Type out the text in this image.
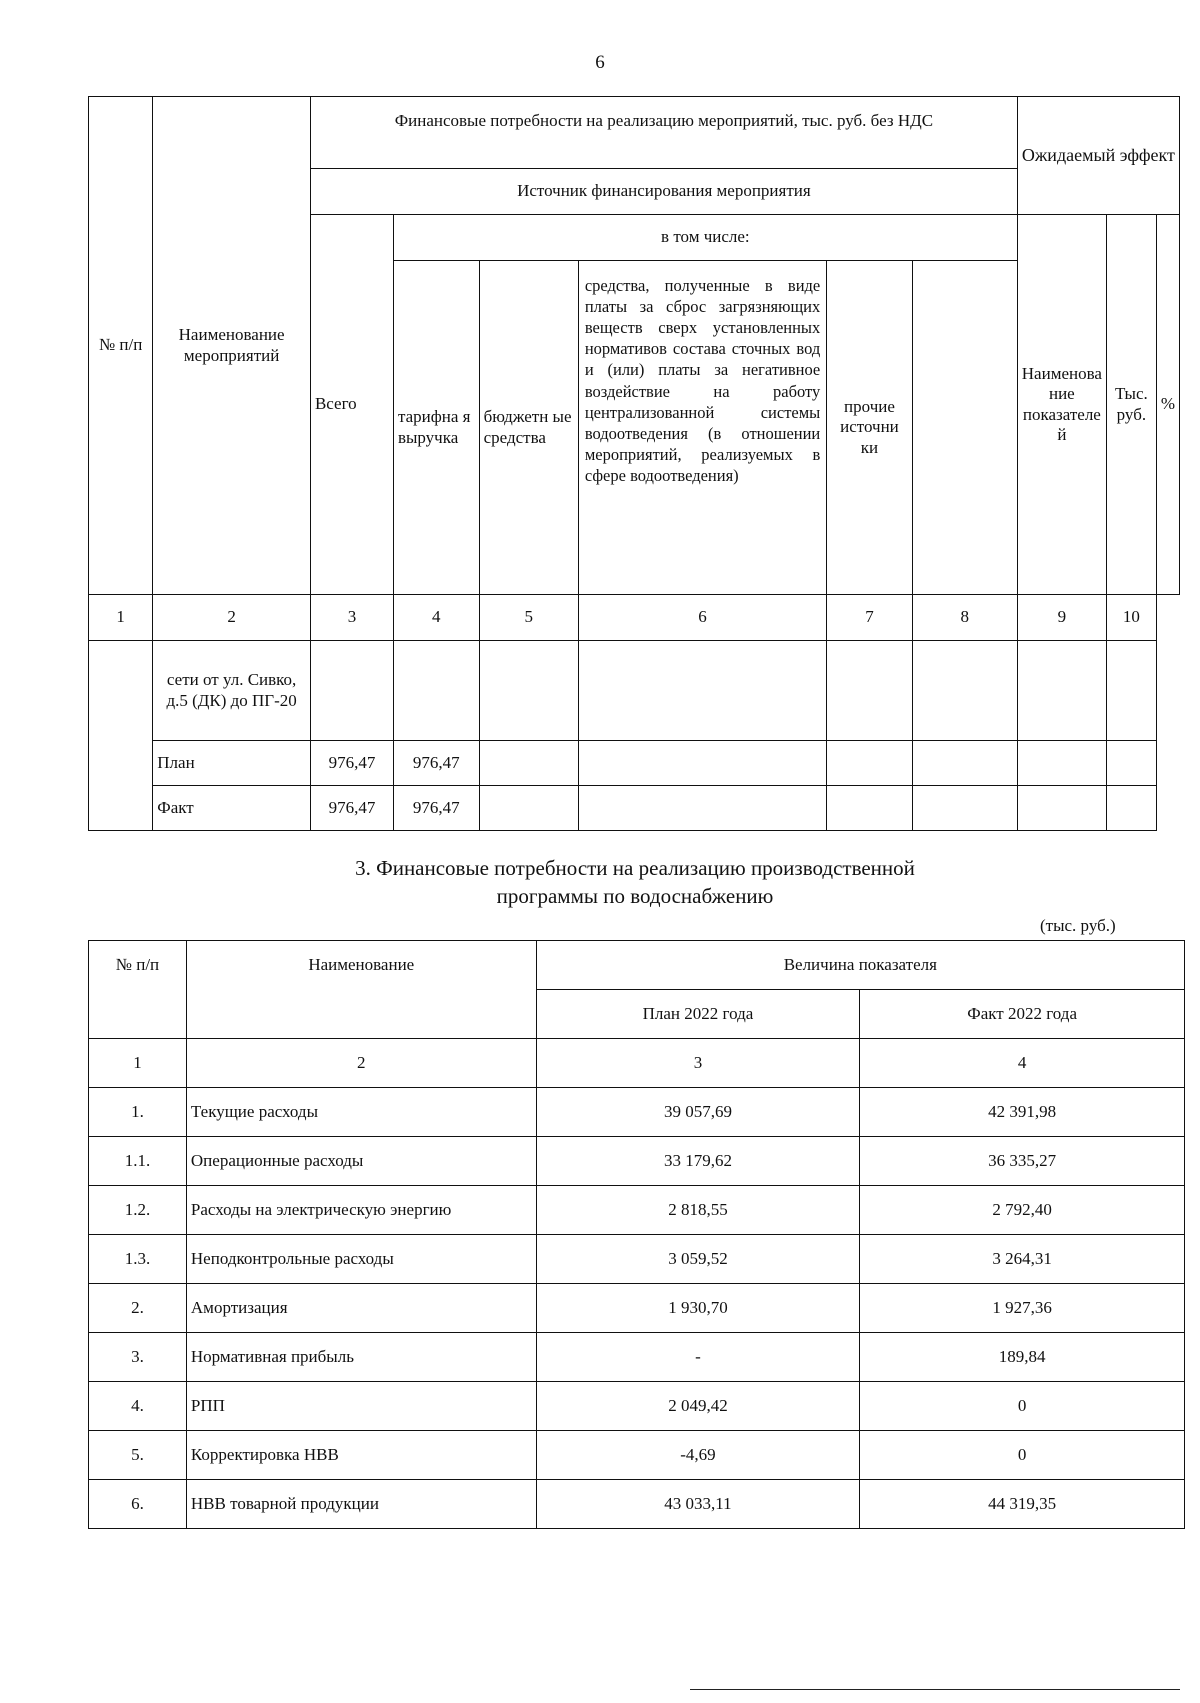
6
№ п/п	Наименование мероприятий	Финансовые потребности на реализацию мероприятий, тыс. руб. без НДС						Ожидаемый эффект		
		Источник финансирования мероприятия								
		Всего	в том числе:					Наименова ние показателе й	Тыс. руб.	%
			тарифна я выручка	бюджетн ые средства	средства, полученные в виде платы за сброс загрязняющих веществ сверх установленных нормативов состава сточных вод и (или) платы за негативное воздействие на работу централизованной системы водоотведения (в отношении мероприятий, реализуемых в сфере водоотведения)	прочие источни ки				
1	2	3	4	5	6	7	8	9	10	
	сети от ул. Сивко, д.5 (ДК) до ПГ-20									
	План	976,47	976,47							
	Факт	976,47	976,47							
3. Финансовые потребности на реализацию производственной
программы по водоснабжению
(тыс. руб.)
№ п/п	Наименование	Величина показателя	
		План 2022 года	Факт 2022 года
1	2	3	4
1.	Текущие расходы	39 057,69	42 391,98
1.1.	Операционные расходы	33 179,62	36 335,27
1.2.	Расходы на электрическую энергию	2 818,55	2 792,40
1.3.	Неподконтрольные расходы	3 059,52	3 264,31
2.	Амортизация	1 930,70	1 927,36
3.	Нормативная прибыль	-	189,84
4.	РПП	2 049,42	0
5.	Корректировка НВВ	-4,69	0
6.	НВВ товарной продукции	43 033,11	44 319,35
